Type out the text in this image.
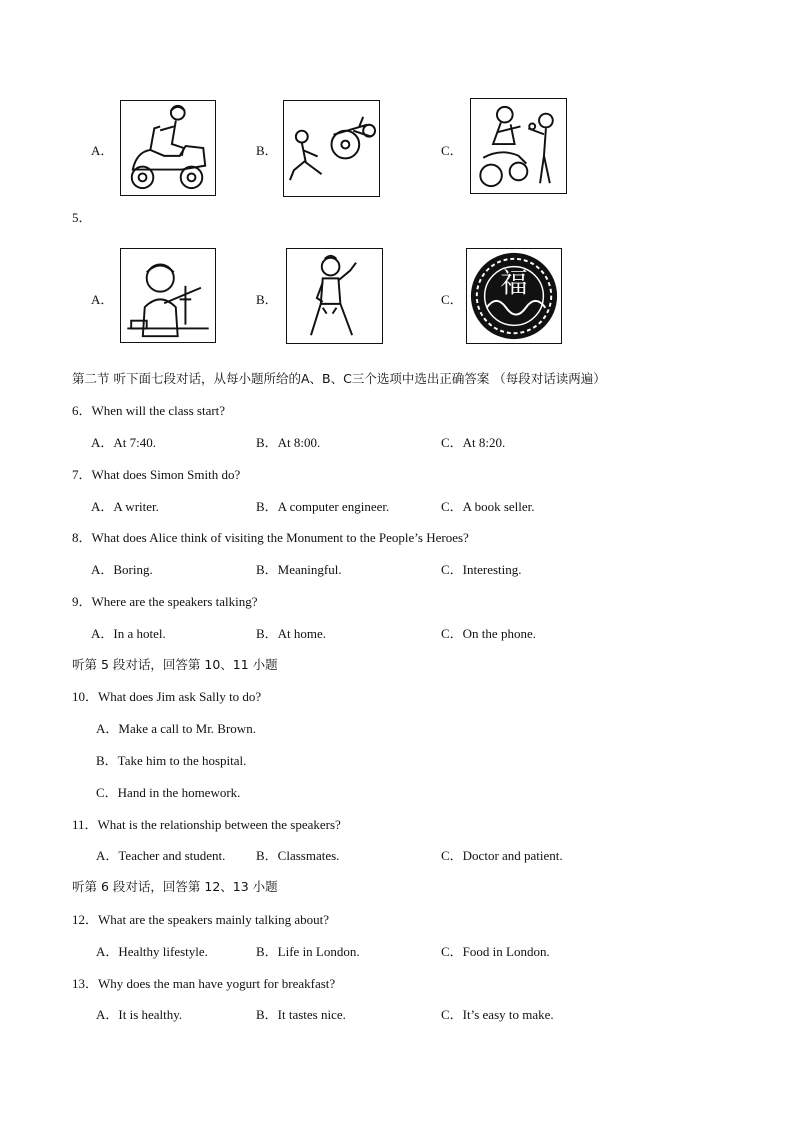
A．	B．	C．
5．
A．	B．	C．
福
第二节 听下面七段对话，从每小题所给的A、B、C三个选项中选出正确答案 （每段对话读两遍）
6．When will the class start?
A．At 7:40.	B．At 8:00.	C．At 8:20.
7．What does Simon Smith do?
A．A writer.	B．A computer engineer.	C．A book seller.
8．What does Alice think of visiting the Monument to the People’s Heroes?
A．Boring.	B．Meaningful.	C．Interesting.
9．Where are the speakers talking?
A．In a hotel.	B．At home.	C．On the phone.
听第 5 段对话，回答第 10、11 小题
10．What does Jim ask Sally to do?
A．Make a call to Mr. Brown.
B．Take him to the hospital.
C．Hand in the homework.
11．What is the relationship between the speakers?
A．Teacher and student. B．Classmates.	C．Doctor and patient.
听第 6 段对话，回答第 12、13 小题
12．What are the speakers mainly talking about?
A．Healthy lifestyle.	B．Life in London.	C．Food in London.
13．Why does the man have yogurt for breakfast?
A．It is healthy.	B．It tastes nice.	C．It’s easy to make.
